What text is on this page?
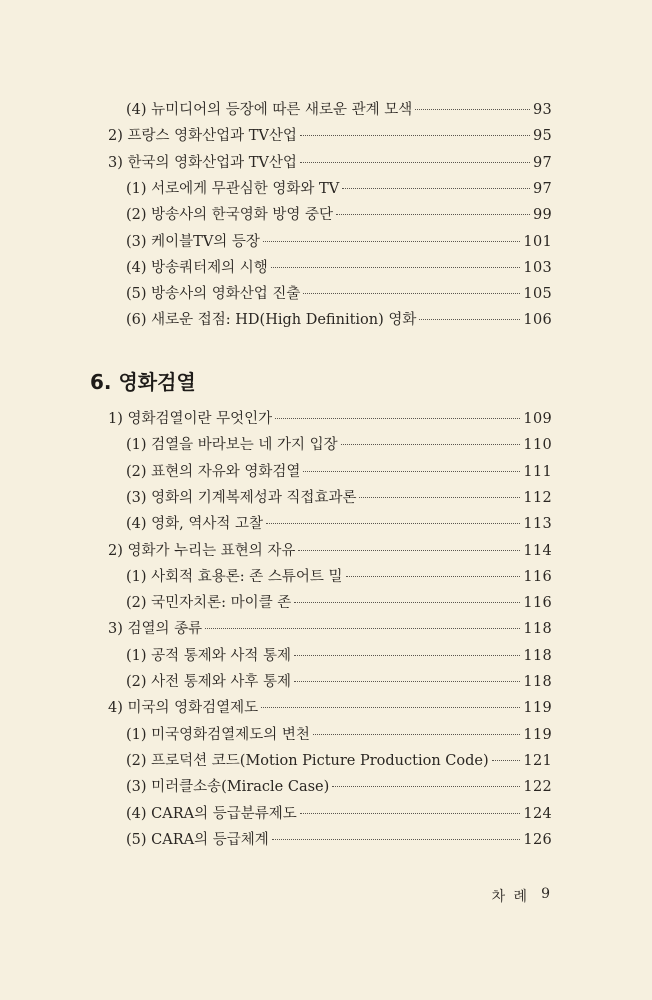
(4) 뉴미디어의 등장에 따른 새로운 관계 모색	93
2) 프랑스 영화산업과 TV산업	95
3) 한국의 영화산업과 TV산업	97
(1) 서로에게 무관심한 영화와 TV	97
(2) 방송사의 한국영화 방영 중단	99
(3) 케이블TV의 등장	101
(4) 방송쿼터제의 시행	103
(5) 방송사의 영화산업 진출	105
(6) 새로운 접점: HD(High Definition) 영화	106
6. 영화검열
1) 영화검열이란 무엇인가	109
(1) 검열을 바라보는 네 가지 입장	110
(2) 표현의 자유와 영화검열	111
(3) 영화의 기계복제성과 직접효과론	112
(4) 영화, 역사적 고찰	113
2) 영화가 누리는 표현의 자유	114
(1) 사회적 효용론: 존 스튜어트 밀	116
(2) 국민자치론: 마이클 존	116
3) 검열의 종류	118
(1) 공적 통제와 사적 통제	118
(2) 사전 통제와 사후 통제	118
4) 미국의 영화검열제도	119
(1) 미국영화검열제도의 변천	119
(2) 프로덕션 코드(Motion Picture Production Code) 121
(3) 미러클소송(Miracle Case)	122
(4) CARA의 등급분류제도	124
(5) CARA의 등급체계	126
차 례 9
